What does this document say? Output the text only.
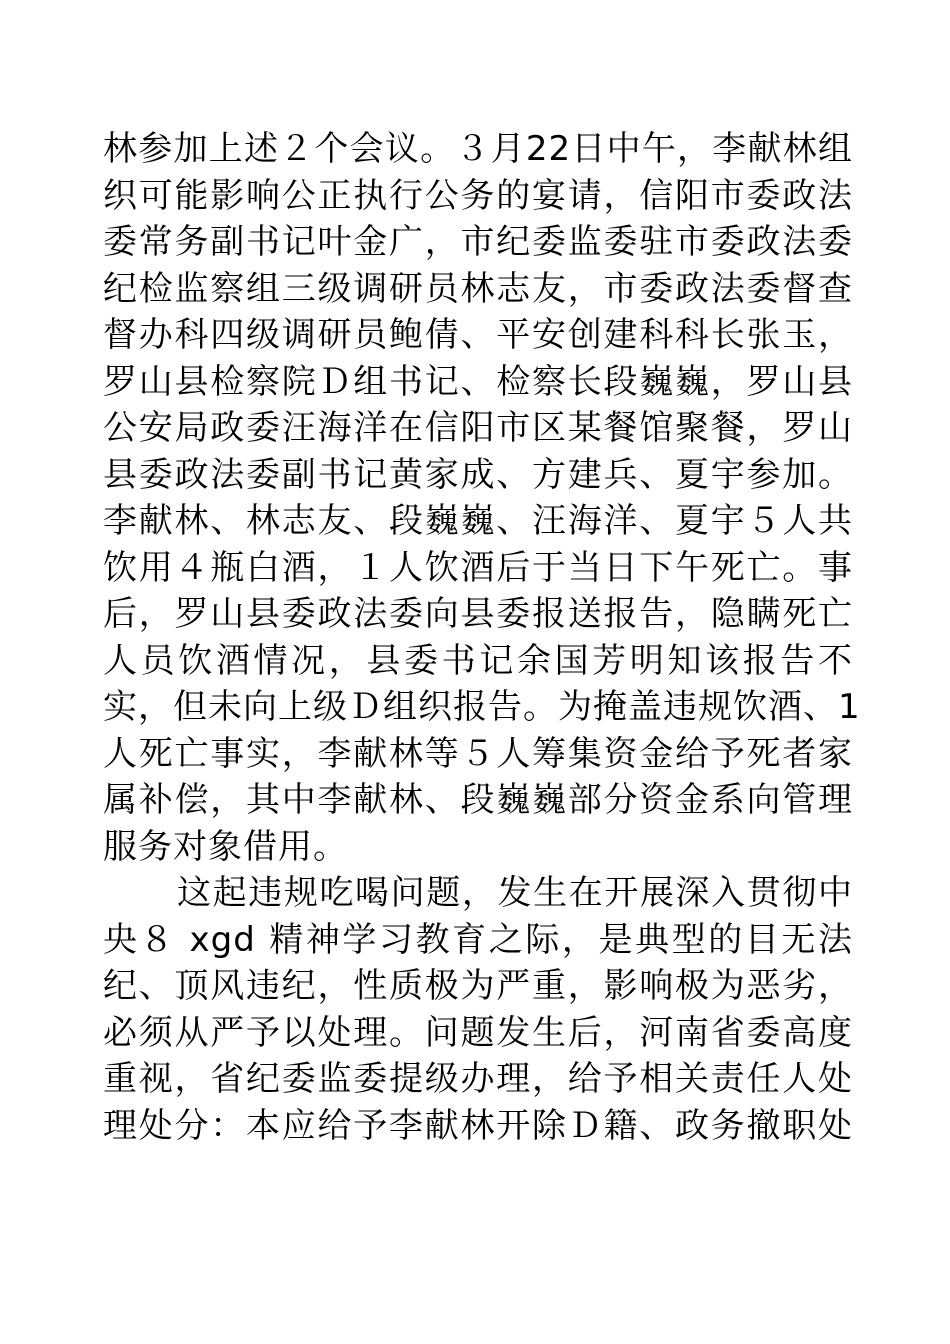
林参加上述２个会议。３月22日中午，李献林组
织可能影响公正执行公务的宴请，信阳市委政法
委常务副书记叶金广，市纪委监委驻市委政法委
纪检监察组三级调研员林志友，市委政法委督查
督办科四级调研员鲍倩、平安创建科科长张玉，
罗山县检察院Ｄ组书记、检察长段巍巍，罗山县
公安局政委汪海洋在信阳市区某餐馆聚餐，罗山
县委政法委副书记黄家成、方建兵、夏宇参加。
李献林、林志友、段巍巍、汪海洋、夏宇５人共
饮用４瓶白酒，１人饮酒后于当日下午死亡。事
后，罗山县委政法委向县委报送报告，隐瞒死亡
人员饮酒情况，县委书记余国芳明知该报告不
实，但未向上级Ｄ组织报告。为掩盖违规饮酒、1
人死亡事实，李献林等５人筹集资金给予死者家
属补偿，其中李献林、段巍巍部分资金系向管理
服务对象借用。
这起违规吃喝问题，发生在开展深入贯彻中
央８ xgd 精神学习教育之际，是典型的目无法
纪、顶风违纪，性质极为严重，影响极为恶劣，
必须从严予以处理。问题发生后，河南省委高度
重视，省纪委监委提级办理，给予相关责任人处
理处分：本应给予李献林开除Ｄ籍、政务撤职处
